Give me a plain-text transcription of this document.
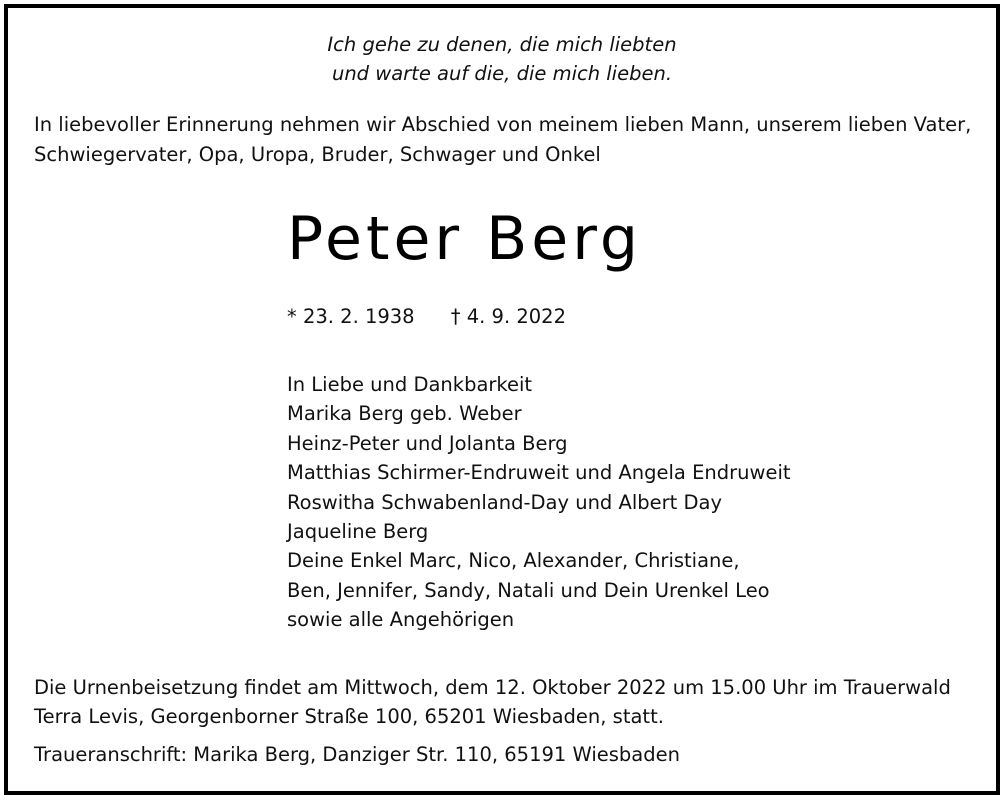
Ich gehe zu denen, die mich liebten
und warte auf die, die mich lieben.
In liebevoller Erinnerung nehmen wir Abschied von meinem lieben Mann, unserem lieben Vater,
Schwiegervater, Opa, Uropa, Bruder, Schwager und Onkel
Peter Berg
* 23. 2. 1938 † 4. 9. 2022
In Liebe und Dankbarkeit
Marika Berg geb. Weber
Heinz-Peter und Jolanta Berg
Matthias Schirmer-Endruweit und Angela Endruweit
Roswitha Schwabenland-Day und Albert Day
Jaqueline Berg
Deine Enkel Marc, Nico, Alexander, Christiane,
Ben, Jennifer, Sandy, Natali und Dein Urenkel Leo
sowie alle Angehörigen
Die Urnenbeisetzung findet am Mittwoch, dem 12. Oktober 2022 um 15.00 Uhr im Trauerwald
Terra Levis, Georgenborner Straße 100, 65201 Wiesbaden, statt.
Traueranschrift: Marika Berg, Danziger Str. 110, 65191 Wiesbaden
